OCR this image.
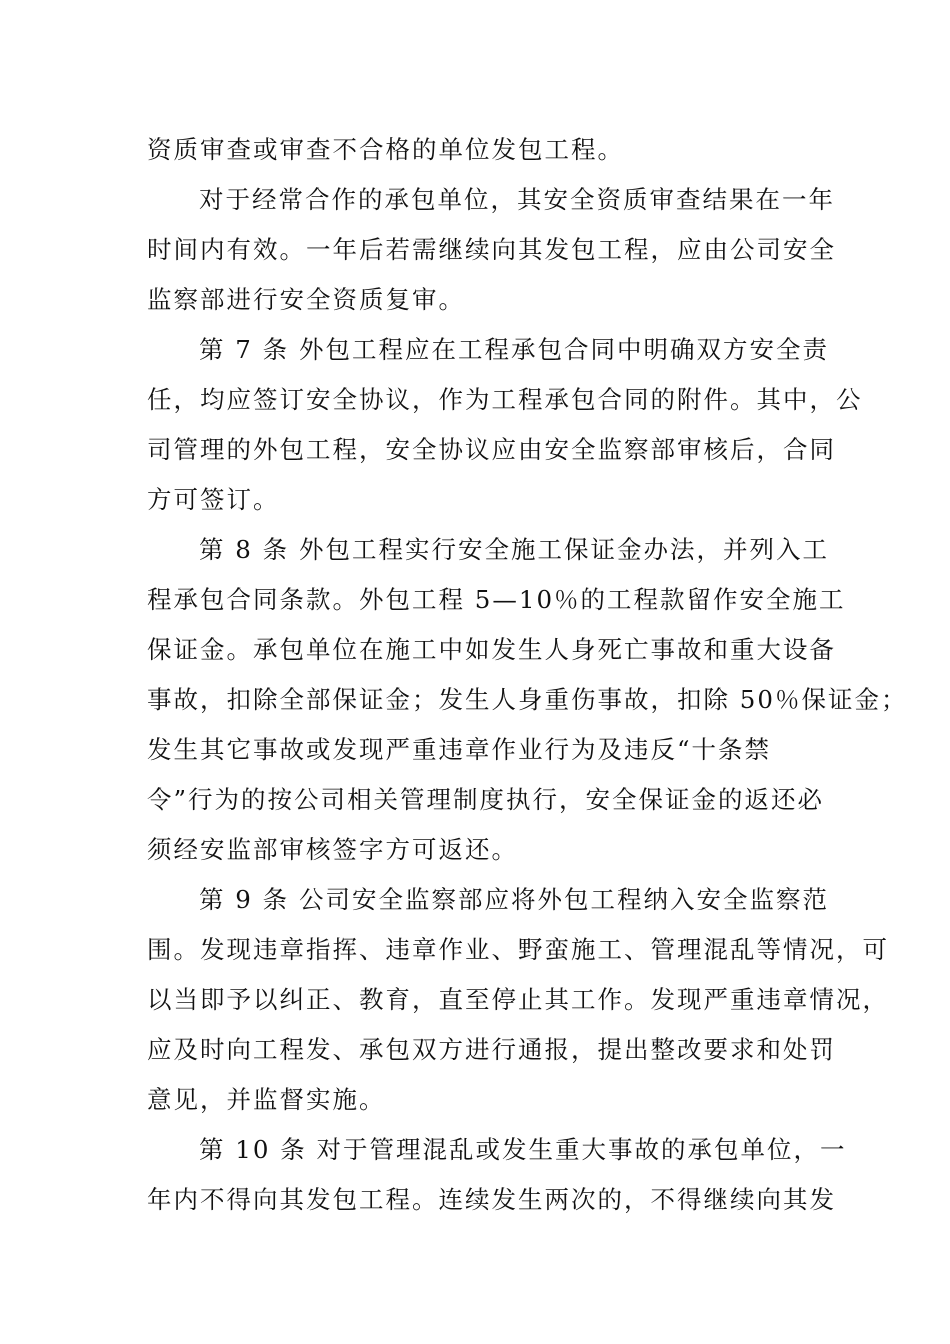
资质审查或审查不合格的单位发包工程。
对于经常合作的承包单位，其安全资质审查结果在一年
时间内有效。一年后若需继续向其发包工程，应由公司安全
监察部进行安全资质复审。
第 7 条 外包工程应在工程承包合同中明确双方安全责
任，均应签订安全协议，作为工程承包合同的附件。其中，公
司管理的外包工程，安全协议应由安全监察部审核后，合同
方可签订。
第 8 条 外包工程实行安全施工保证金办法，并列入工
程承包合同条款。外包工程 5—10％的工程款留作安全施工
保证金。承包单位在施工中如发生人身死亡事故和重大设备
事故，扣除全部保证金；发生人身重伤事故，扣除 50％保证金；
发生其它事故或发现严重违章作业行为及违反“十条禁
令”行为的按公司相关管理制度执行，安全保证金的返还必
须经安监部审核签字方可返还。
第 9 条 公司安全监察部应将外包工程纳入安全监察范
围。发现违章指挥、违章作业、野蛮施工、管理混乱等情况，可
以当即予以纠正、教育，直至停止其工作。发现严重违章情况，
应及时向工程发、承包双方进行通报，提出整改要求和处罚
意见，并监督实施。
第 10 条 对于管理混乱或发生重大事故的承包单位，一
年内不得向其发包工程。连续发生两次的，不得继续向其发
